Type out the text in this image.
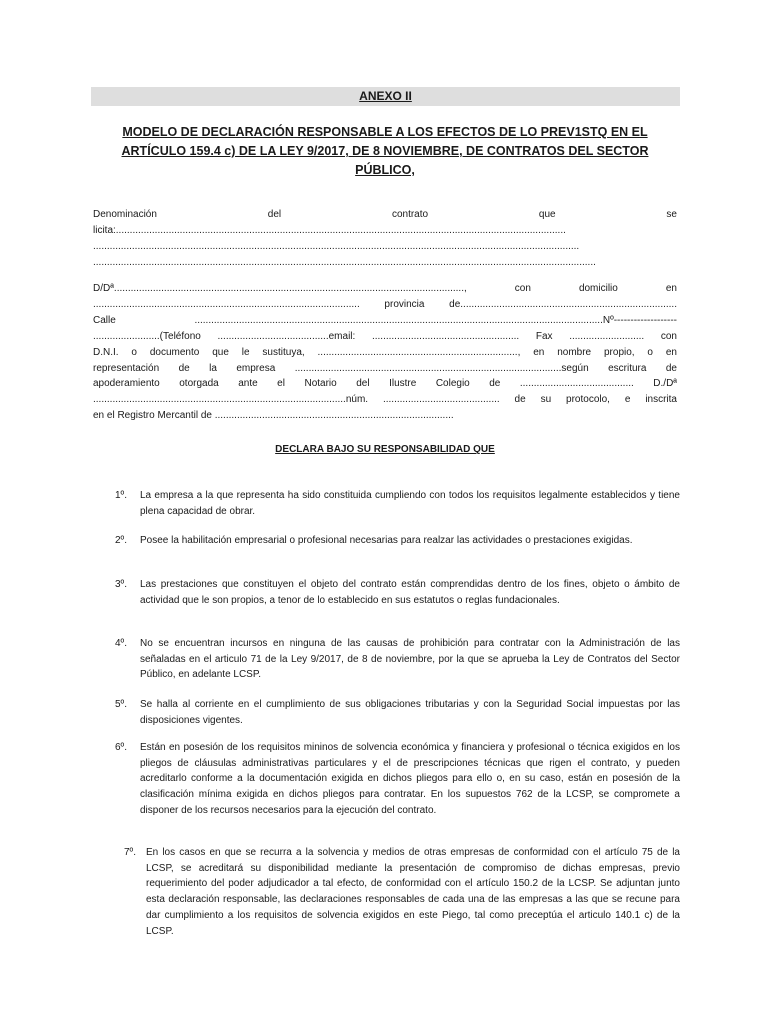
ANEXO II
MODELO DE DECLARACIÓN RESPONSABLE A LOS EFECTOS DE LO PREV1STQ EN EL ARTÍCULO 159.4 c) DE LA LEY 9/2017, DE 8 NOVIEMBRE, DE CONTRATOS DEL SECTOR PÚBLICO,
Denominación del contrato que se
licita:..................................................................................................................................................................
...............................................................................................................................................................................
.....................................................................................................................................................................................
D/Dª.............................................................................................................................., con domicilio en
................................................................................................ provincia de..............................................................................
Calle ...................................................................................................................................................Nº-------------------
........................(Teléfono ........................................email: ..................................................... Fax ........................... con
D.N.I. o documento que le sustituya, ........................................................................, en nombre propio, o en
representación de la empresa ................................................................................................según escritura de
apoderamiento otorgada ante el Notario del Ilustre Colegio de ......................................... D./Dª
...........................................................................................núm. .......................................... de su protocolo, e inscrita
en el Registro Mercantil de ......................................................................................
DECLARA BAJO SU RESPONSABILIDAD QUE
1º. La empresa a la que representa ha sido constituida cumpliendo con todos los requisitos legalmente establecidos y tiene plena capacidad de obrar.
2º. Posee la habilitación empresarial o profesional necesarias para realzar las actividades o prestaciones exigidas.
3º. Las prestaciones que constituyen el objeto del contrato están comprendidas dentro de los fines, objeto o ámbito de actividad que le son propios, a tenor de lo establecido en sus estatutos o reglas fundacionales.
4º. No se encuentran incursos en ninguna de las causas de prohibición para contratar con la Administración de las señaladas en el articulo 71 de la Ley 9/2017, de 8 de noviembre, por la que se aprueba la Ley de Contratos del Sector Público, en adelante LCSP.
5º. Se halla al corriente en el cumplimiento de sus obligaciones tributarias y con la Seguridad Social impuestas por las disposiciones vigentes.
6º. Están en posesión de los requisitos mininos de solvencia económica y financiera y profesional o técnica exigidos en los pliegos de cláusulas administrativas particulares y el de prescripciones técnicas que rigen el contrato, y pueden acreditarlo conforme a la documentación exigida en dichos pliegos para ello o, en su caso, están en posesión de la clasificación mínima exigida en dichos pliegos para contratar. En los supuestos 762 de la LCSP, se compromete a disponer de los recursos necesarios para la ejecución del contrato.
7º. En los casos en que se recurra a la solvencia y medios de otras empresas de conformidad con el artículo 75 de la LCSP, se acreditará su disponibilidad mediante la presentación de compromiso de dichas empresas, previo requerimiento del poder adjudicador a tal efecto, de conformidad con el artículo 150.2 de la LCSP. Se adjuntan junto esta declaración responsable, las declaraciones responsables de cada una de las empresas a las que se recune para dar cumplimiento a los requisitos de solvencia exigidos en este Piego, tal como preceptúa el articulo 140.1 c) de la LCSP.
